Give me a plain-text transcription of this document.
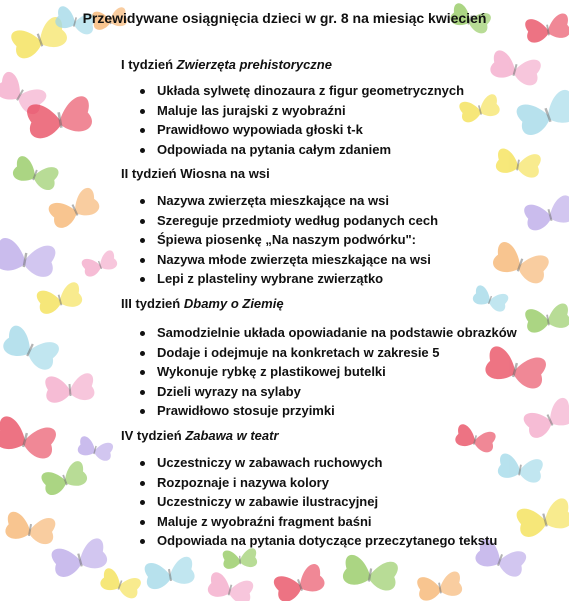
Przewidywane osiągnięcia dzieci w gr. 8 na miesiąc kwiecień
I tydzień Zwierzęta prehistoryczne
Układa sylwetę dinozaura z figur geometrycznych
Maluje las jurajski z wyobraźni
Prawidłowo wypowiada głoski t-k
Odpowiada na pytania całym zdaniem
II tydzień Wiosna na wsi
Nazywa zwierzęta mieszkające na wsi
Szereguje przedmioty według podanych cech
Śpiewa piosenkę „Na naszym podwórku":
Nazywa młode zwierzęta mieszkające na wsi
Lepi z plasteliny wybrane zwierzątko
III tydzień Dbamy o Ziemię
Samodzielnie układa opowiadanie na podstawie obrazków
Dodaje i odejmuje na konkretach w zakresie 5
Wykonuje rybkę z plastikowej butelki
Dzieli wyrazy na sylaby
Prawidłowo stosuje przyimki
IV tydzień Zabawa w teatr
Uczestniczy w zabawach ruchowych
Rozpoznaje i nazywa kolory
Uczestniczy w zabawie ilustracyjnej
Maluje z wyobraźni fragment baśni
Odpowiada na pytania dotyczące przeczytanego tekstu
